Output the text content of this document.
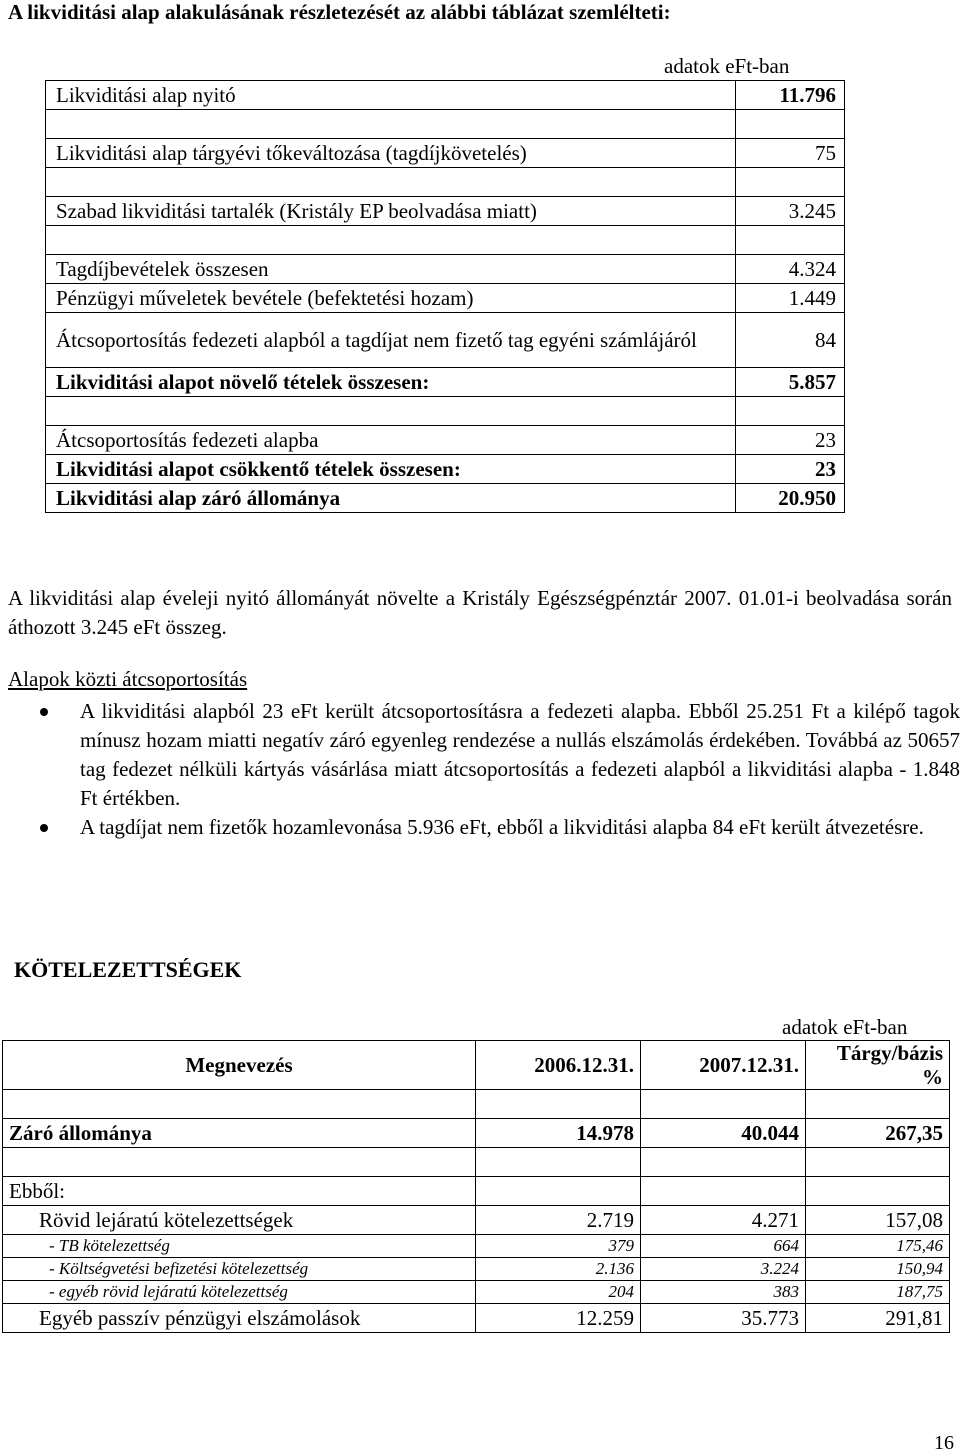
A likviditási alap alakulásának részletezését az alábbi táblázat szemlélteti:
adatok eFt-ban
Likviditási alap nyitó	11.796

Likviditási alap tárgyévi tőkeváltozása (tagdíjkövetelés)	75

Szabad likviditási tartalék (Kristály EP beolvadása miatt)	3.245

Tagdíjbevételek összesen	4.324
Pénzügyi műveletek bevétele (befektetési hozam)	1.449
Átcsoportosítás fedezeti alapból a tagdíjat nem fizető tag egyéni számlájáról	84
Likviditási alapot növelő tételek összesen:	5.857

Átcsoportosítás fedezeti alapba	23
Likviditási alapot csökkentő tételek összesen:	23
Likviditási alap záró állománya	20.950
A likviditási alap éveleji nyitó állományát növelte a Kristály Egészségpénztár 2007. 01.01-i beolvadása során áthozott 3.245 eFt összeg.
Alapok közti átcsoportosítás
A likviditási alapból 23 eFt került átcsoportosításra a fedezeti alapba. Ebből 25.251 Ft a kilépő tagok mínusz hozam miatti negatív záró egyenleg rendezése a nullás elszámolás érdekében. Továbbá az 50657 tag fedezet nélküli kártyás vásárlása miatt átcsoportosítás a fedezeti alapból a likviditási alapba - 1.848 Ft értékben.
A tagdíjat nem fizetők hozamlevonása 5.936 eFt, ebből a likviditási alapba 84 eFt került átvezetésre.
KÖTELEZETTSÉGEK
adatok eFt-ban
Megnevezés	2006.12.31.	2007.12.31.	Tárgy/bázis %

Záró állománya	14.978	40.044	267,35

Ebből:			
Rövid lejáratú kötelezettségek	2.719	4.271	157,08
- TB kötelezettség	379	664	175,46
- Költségvetési befizetési kötelezettség	2.136	3.224	150,94
- egyéb rövid lejáratú kötelezettség	204	383	187,75
Egyéb passzív pénzügyi elszámolások	12.259	35.773	291,81
16
